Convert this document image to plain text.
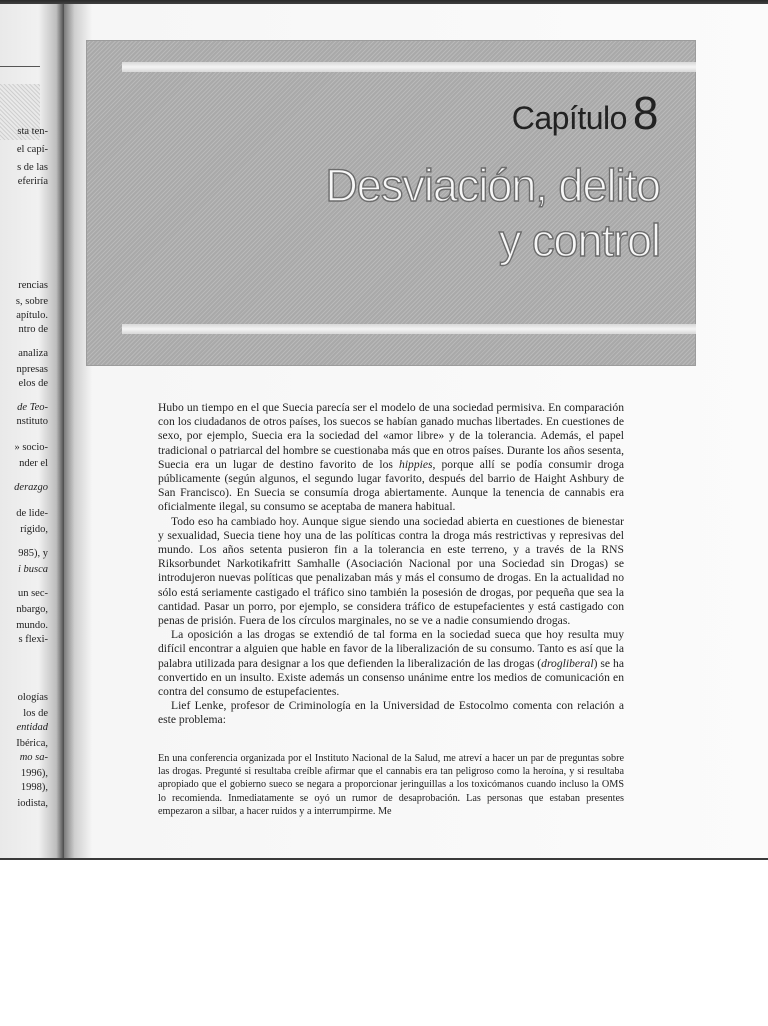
sta ten-
el capí-
s de las
eferiría
rencias
s, sobre
apítulo.
ntro de
analiza
npresas
elos de
de Teo-
nstituto
» socio-
nder el
derazgo
de lide-
rígido,
985), y
i busca
un sec-
nbargo,
mundo.
s flexi-
ologías
los de
entidad
Ibérica,
mo sa-
1996),
1998),
iodista,
Capítulo 8
Desviación, delito
y control

Hubo un tiempo en el que Suecia parecía ser el modelo de una sociedad permisiva. En comparación con los ciudadanos de otros países, los suecos se habían ganado muchas libertades. En cuestiones de sexo, por ejemplo, Suecia era la sociedad del «amor libre» y de la tolerancia. Además, el papel tradicional o patriarcal del hombre se cuestionaba más que en otros países. Durante los años sesenta, Suecia era un lugar de destino favorito de los hippies, porque allí se podía consumir droga públicamente (según algunos, el segundo lugar favorito, después del barrio de Haight Ashbury de San Francisco). En Suecia se consumía droga abiertamente. Aunque la tenencia de cannabis era oficialmente ilegal, su consumo se aceptaba de manera habitual.

Todo eso ha cambiado hoy. Aunque sigue siendo una sociedad abierta en cuestiones de bienestar y sexualidad, Suecia tiene hoy una de las políticas contra la droga más restrictivas y represivas del mundo. Los años setenta pusieron fin a la tolerancia en este terreno, y a través de la RNS Riksorbundet Narkotikafritt Samhalle (Asociación Nacional por una Sociedad sin Drogas) se introdujeron nuevas políticas que penalizaban más y más el consumo de drogas. En la actualidad no sólo está seriamente castigado el tráfico sino también la posesión de drogas, por pequeña que sea la cantidad. Pasar un porro, por ejemplo, se considera tráfico de estupefacientes y está castigado con penas de prisión. Fuera de los círculos marginales, no se ve a nadie consumiendo drogas.

La oposición a las drogas se extendió de tal forma en la sociedad sueca que hoy resulta muy difícil encontrar a alguien que hable en favor de la liberalización de su consumo. Tanto es así que la palabra utilizada para designar a los que defienden la liberalización de las drogas (drogliberal) se ha convertido en un insulto. Existe además un consenso unánime entre los medios de comunicación en contra del consumo de estupefacientes.

Lief Lenke, profesor de Criminología en la Universidad de Estocolmo comenta con relación a este problema:

En una conferencia organizada por el Instituto Nacional de la Salud, me atreví a hacer un par de preguntas sobre las drogas. Pregunté si resultaba creíble afirmar que el cannabis era tan peligroso como la heroína, y si resultaba apropiado que el gobierno sueco se negara a proporcionar jeringuillas a los toxicómanos cuando incluso la OMS lo recomienda. Inmediatamente se oyó un rumor de desaprobación. Las personas que estaban presentes empezaron a silbar, a hacer ruidos y a interrumpirme. Me
